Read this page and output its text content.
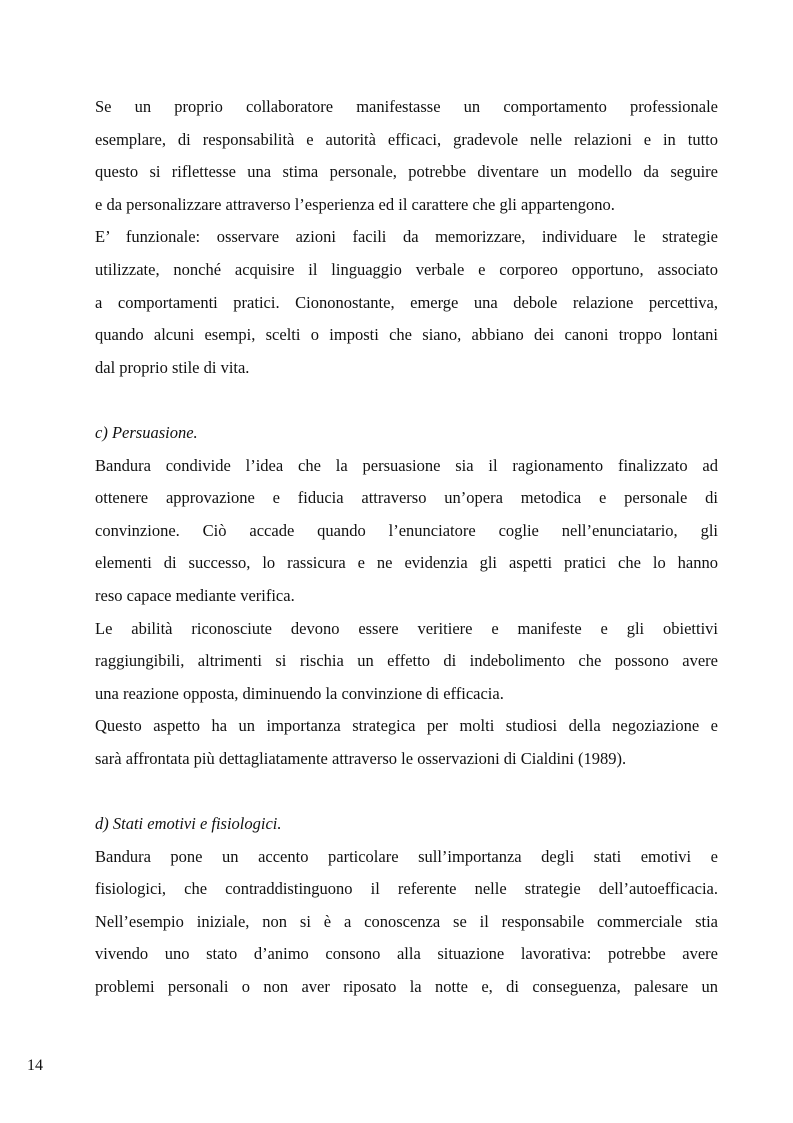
Se un proprio collaboratore manifestasse un comportamento professionale
esemplare, di responsabilità e autorità efficaci, gradevole nelle relazioni e in tutto
questo si riflettesse una stima personale, potrebbe diventare un modello da seguire
e da personalizzare attraverso l’esperienza ed il carattere che gli appartengono.
E’ funzionale: osservare azioni facili da memorizzare, individuare le strategie
utilizzate, nonché acquisire il linguaggio verbale e corporeo opportuno, associato
a comportamenti pratici. Ciononostante, emerge una debole relazione percettiva,
quando alcuni esempi, scelti o imposti che siano, abbiano dei canoni troppo lontani
dal proprio stile di vita.
c) Persuasione.
Bandura condivide l’idea che la persuasione sia il ragionamento finalizzato ad
ottenere approvazione e fiducia attraverso un’opera metodica e personale di
convinzione. Ciò accade quando l’enunciatore coglie nell’enunciatario, gli
elementi di successo, lo rassicura e ne evidenzia gli aspetti pratici che lo hanno
reso capace mediante verifica.
Le abilità riconosciute devono essere veritiere e manifeste e gli obiettivi
raggiungibili, altrimenti si rischia un effetto di indebolimento che possono avere
una reazione opposta, diminuendo la convinzione di efficacia.
Questo aspetto ha un importanza strategica per molti studiosi della negoziazione e
sarà affrontata più dettagliatamente attraverso le osservazioni di Cialdini (1989).
d) Stati emotivi e fisiologici.
Bandura pone un accento particolare sull’importanza degli stati emotivi e
fisiologici, che contraddistinguono il referente nelle strategie dell’autoefficacia.
Nell’esempio iniziale, non si è a conoscenza se il responsabile commerciale stia
vivendo uno stato d’animo consono alla situazione lavorativa: potrebbe avere
problemi personali o non aver riposato la notte e, di conseguenza, palesare un
14
